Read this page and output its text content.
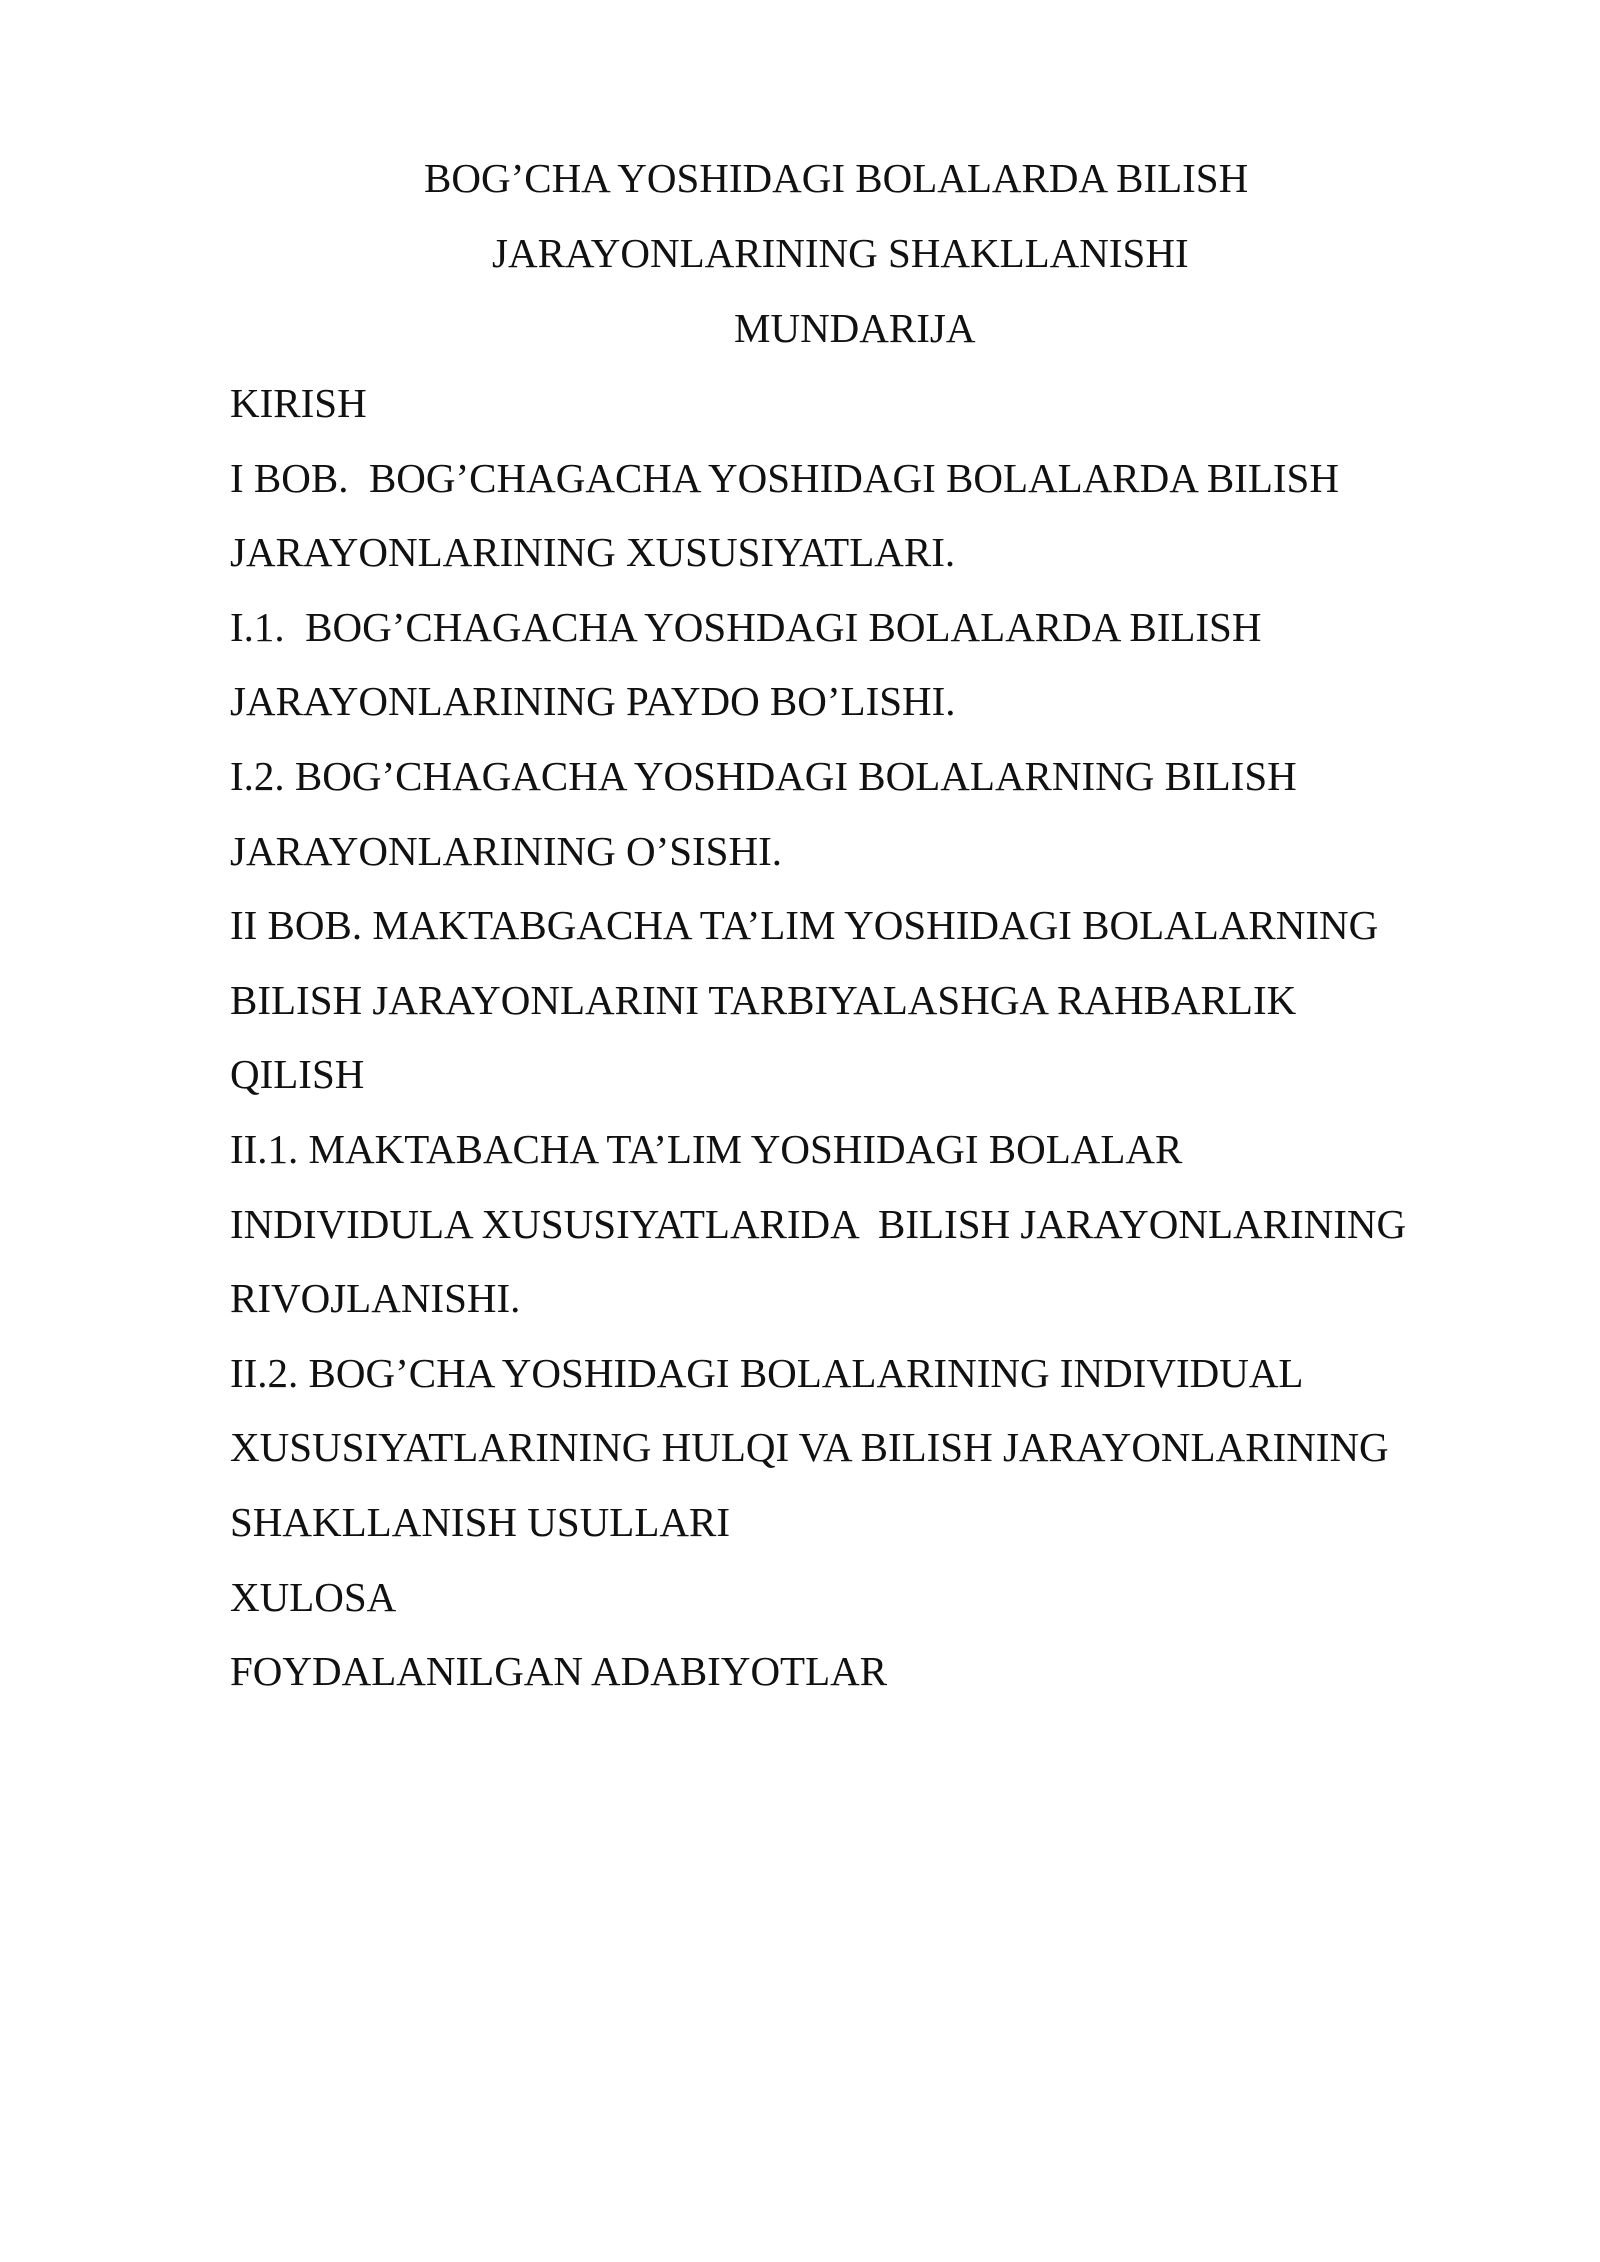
BOG’CHA YOSHIDAGI BOLALARDA BILISH
JARAYONLARINING SHAKLLANISHI
MUNDARIJA
KIRISH
I BOB.  BOG’CHAGACHA YOSHIDAGI BOLALARDA BILISH
JARAYONLARINING XUSUSIYATLARI.
I.1.  BOG’CHAGACHA YOSHDAGI BOLALARDA BILISH
JARAYONLARINING PAYDO BO’LISHI.
I.2. BOG’CHAGACHA YOSHDAGI BOLALARNING BILISH
JARAYONLARINING O’SISHI.
II BOB. MAKTABGACHA TA’LIM YOSHIDAGI BOLALARNING
BILISH JARAYONLARINI TARBIYALASHGA RAHBARLIK
QILISH
II.1. MAKTABACHA TA’LIM YOSHIDAGI BOLALAR
INDIVIDULA XUSUSIYATLARIDA  BILISH JARAYONLARINING
RIVOJLANISHI.
II.2. BOG’CHA YOSHIDAGI BOLALARINING INDIVIDUAL
XUSUSIYATLARINING HULQI VA BILISH JARAYONLARINING
SHAKLLANISH USULLARI
XULOSA
FOYDALANILGAN ADABIYOTLAR
